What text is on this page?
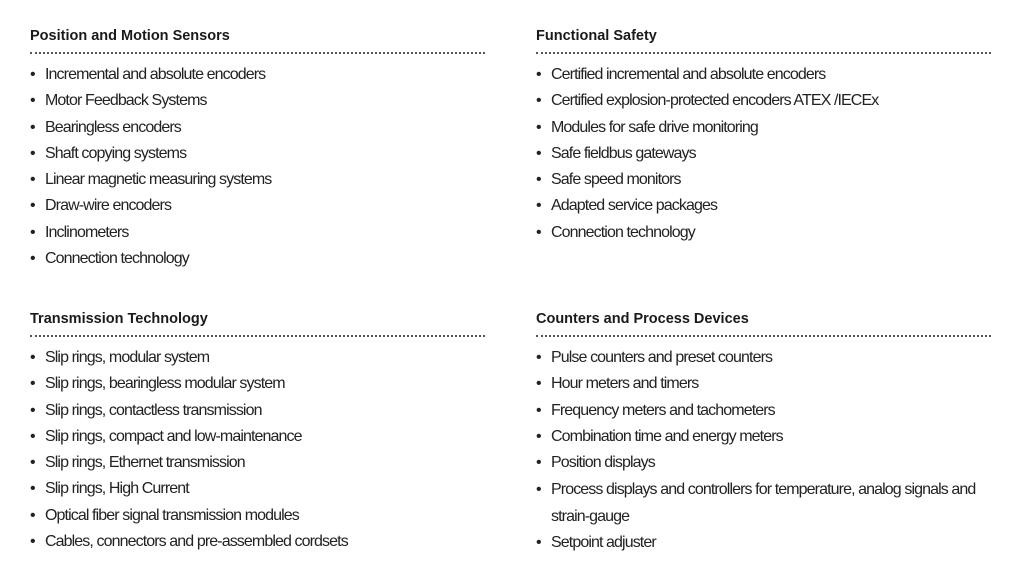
Position and Motion Sensors
• Incremental and absolute encoders
• Motor Feedback Systems
• Bearingless encoders
• Shaft copying systems
• Linear magnetic measuring systems
• Draw-wire encoders
• Inclinometers
• Connection technology
Functional Safety
• Certified incremental and absolute encoders
• Certified explosion-protected encoders ATEX /IECEx
• Modules for safe drive monitoring
• Safe fieldbus gateways
• Safe speed monitors
• Adapted service packages
• Connection technology
Transmission Technology
• Slip rings, modular system
• Slip rings, bearingless modular system
• Slip rings, contactless transmission
• Slip rings, compact and low-maintenance
• Slip rings, Ethernet transmission
• Slip rings, High Current
• Optical fiber signal transmission modules
• Cables, connectors and pre-assembled cordsets
Counters and Process Devices
• Pulse counters and preset counters
• Hour meters and timers
• Frequency meters and tachometers
• Combination time and energy meters
• Position displays
• Process displays and controllers for temperature, analog signals and strain-gauge
• Setpoint adjuster
